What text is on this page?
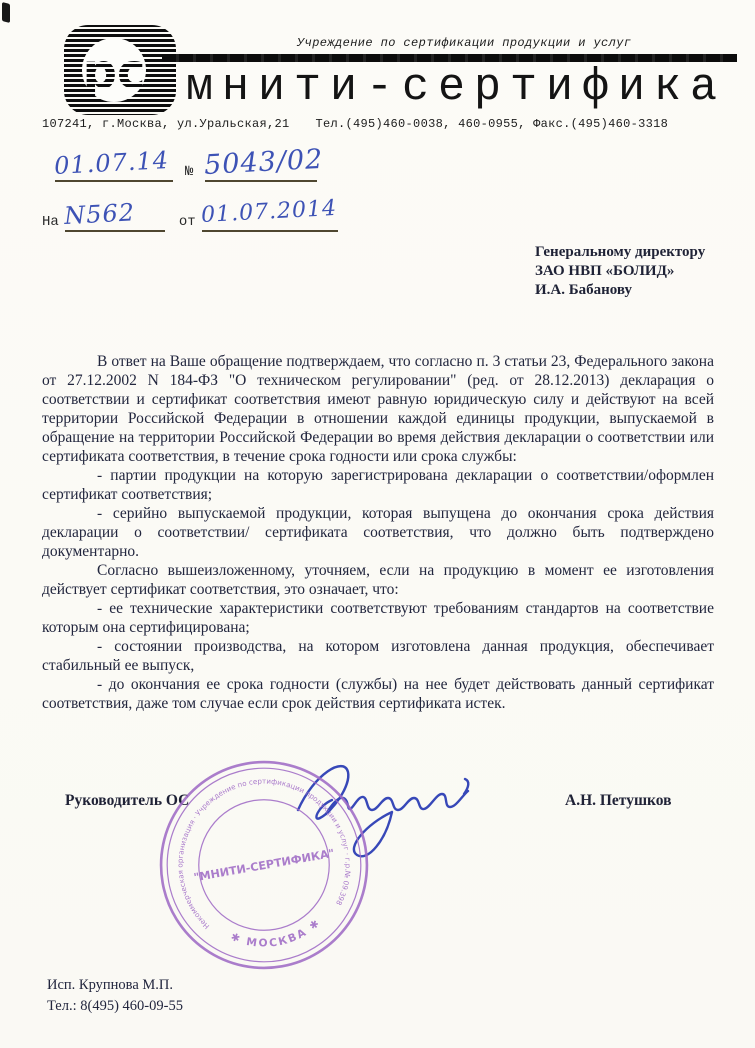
рс
Учреждение по сертификации продукции и услуг
мнити-сертифика
107241, г.Москва, ул.Уральская,21 Тел.(495)460-0038, 460-0955, Факс.(495)460-3318
01.07.14 № 5043/02
На N562	от 01.07.2014
Генеральному директору
ЗАО НВП «БОЛИД»
И.А. Бабанову

В ответ на Ваше обращение подтверждаем, что согласно п. 3 статьи 23, Федерального закона от 27.12.2002 N 184-ФЗ "О техническом регулировании" (ред. от 28.12.2013) декларация о соответствии и сертификат соответствия имеют равную юридическую силу и действуют на всей территории Российской Федерации в отношении каждой единицы продукции, выпускаемой в обращение на территории Российской Федерации во время действия декларации о соответствии или сертификата соответствия, в течение срока годности или срока службы:

- партии продукции на которую зарегистрирована декларации о соответствии/оформлен сертификат соответствия;

- серийно выпускаемой продукции, которая выпущена до окончания срока действия декларации о соответствии/ сертификата соответствия, что должно быть подтверждено документарно.

Согласно вышеизложенному, уточняем, если на продукцию в момент ее изготовления действует сертификат соответствия, это означает, что:

- ее технические характеристики соответствуют требованиям стандартов на соответствие которым она сертифицирована;

- состоянии производства, на котором изготовлена данная продукция, обеспечивает стабильный ее выпуск,

- до окончания ее срока годности (службы) на нее будет действовать данный сертификат соответствия, даже том случае если срок действия сертификата истек.

Руководитель ОС	А.Н. Петушков
Некоммерческая организация · Учреждение по сертификации продукции и услуг · г.р.№ 09.398
✱ МОСКВА ✱
"МНИТИ-СЕРТИФИКА"
Исп. Крупнова М.П.
Тел.: 8(495) 460-09-55
